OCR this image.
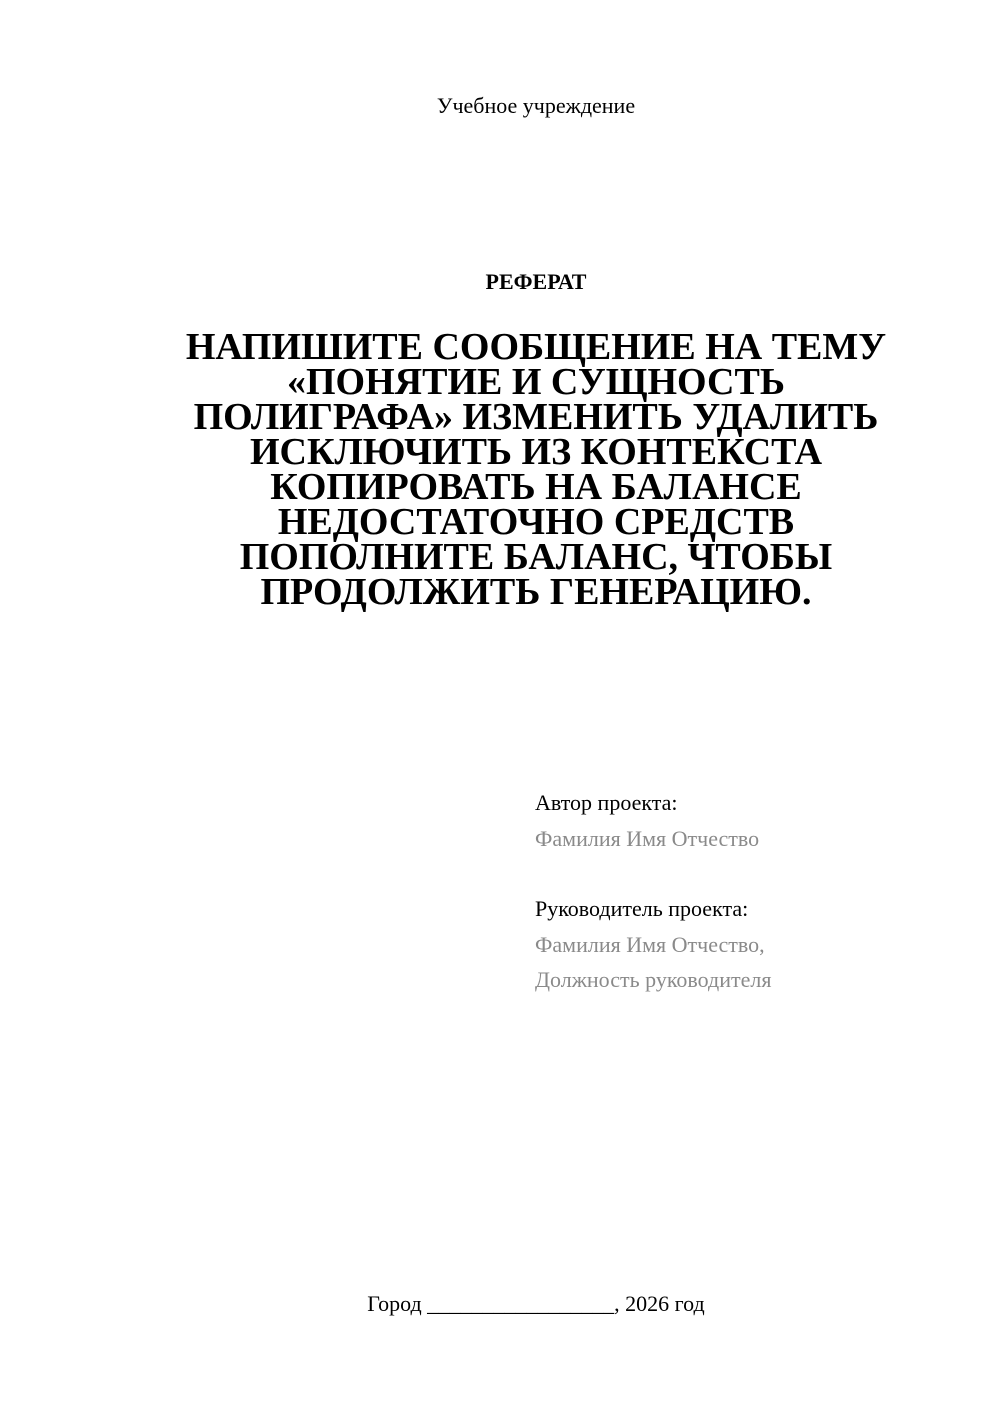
Учебное учреждение
РЕФЕРАТ
НАПИШИТЕ СООБЩЕНИЕ НА ТЕМУ
«ПОНЯТИЕ И СУЩНОСТЬ
ПОЛИГРАФА» ИЗМЕНИТЬ УДАЛИТЬ
ИСКЛЮЧИТЬ ИЗ КОНТЕКСТА
КОПИРОВАТЬ НА БАЛАНСЕ
НЕДОСТАТОЧНО СРЕДСТВ
ПОПОЛНИТЕ БАЛАНС, ЧТОБЫ
ПРОДОЛЖИТЬ ГЕНЕРАЦИЮ.
Автор проекта:
Фамилия Имя Отчество
Руководитель проекта:
Фамилия Имя Отчество,
Должность руководителя
Город _________________, 2026 год
